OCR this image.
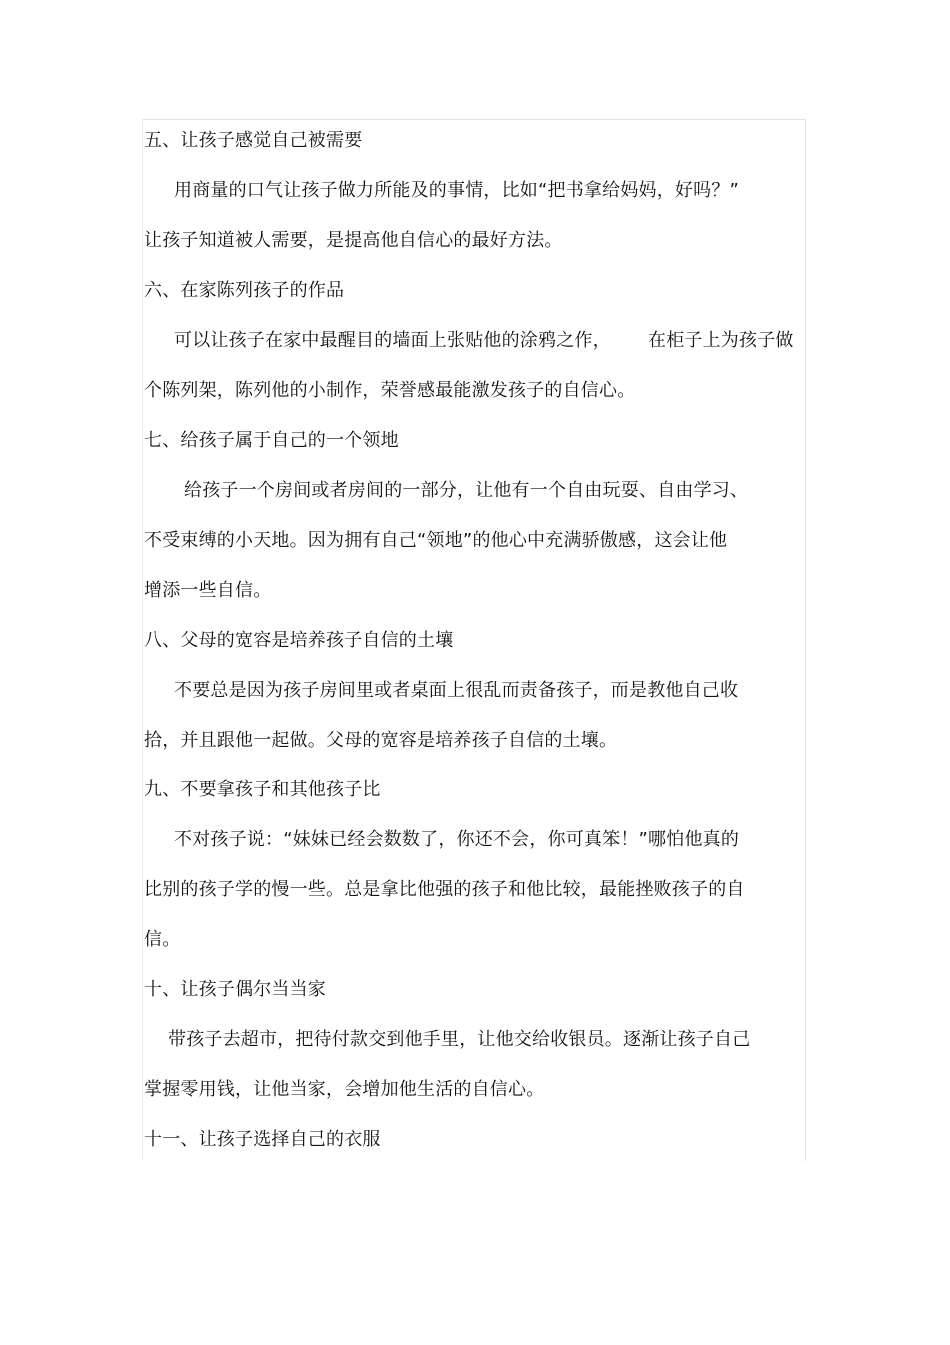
五、让孩子感觉自己被需要
用商量的口气让孩子做力所能及的事情，比如“把书拿给妈妈，好吗？”
让孩子知道被人需要，是提高他自信心的最好方法。
六、在家陈列孩子的作品
可以让孩子在家中最醒目的墙面上张贴他的涂鸦之作， 在柜子上为孩子做
个陈列架，陈列他的小制作，荣誉感最能激发孩子的自信心。
七、给孩子属于自己的一个领地
给孩子一个房间或者房间的一部分，让他有一个自由玩耍、自由学习、
不受束缚的小天地。因为拥有自己“领地”的他心中充满骄傲感，这会让他
增添一些自信。
八、父母的宽容是培养孩子自信的土壤
不要总是因为孩子房间里或者桌面上很乱而责备孩子，而是教他自己收
拾，并且跟他一起做。父母的宽容是培养孩子自信的土壤。
九、不要拿孩子和其他孩子比
不对孩子说：“妹妹已经会数数了，你还不会，你可真笨！”哪怕他真的
比别的孩子学的慢一些。总是拿比他强的孩子和他比较，最能挫败孩子的自
信。
十、让孩子偶尔当当家
带孩子去超市，把待付款交到他手里，让他交给收银员。逐渐让孩子自己
掌握零用钱，让他当家，会增加他生活的自信心。
十一、让孩子选择自己的衣服
